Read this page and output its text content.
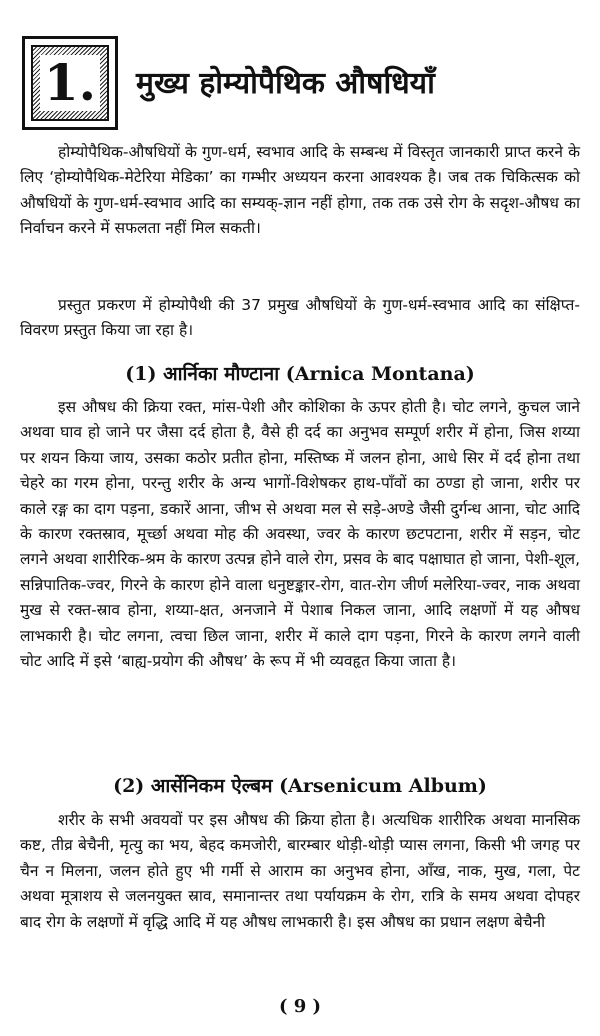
1. मुख्य होम्योपैथिक औषधियाँ

होम्योपैथिक-औषधियों के गुण-धर्म, स्वभाव आदि के सम्बन्ध में विस्तृत जानकारी प्राप्त करने के लिए ‘होम्योपैथिक-मेटेरिया मेडिका’ का गम्भीर अध्ययन करना आवश्यक है। जब तक चिकित्सक को औषधियों के गुण-धर्म-स्वभाव आदि का सम्यक्-ज्ञान नहीं होगा, तक तक उसे रोग के सदृश-औषध का निर्वाचन करने में सफलता नहीं मिल सकती।

प्रस्तुत प्रकरण में होम्योपैथी की 37 प्रमुख औषधियों के गुण-धर्म-स्वभाव आदि का संक्षिप्त-विवरण प्रस्तुत किया जा रहा है।

(1) आर्निका मौण्टाना (Arnica Montana)

इस औषध की क्रिया रक्त, मांस-पेशी और कोशिका के ऊपर होती है। चोट लगने, कुचल जाने अथवा घाव हो जाने पर जैसा दर्द होता है, वैसे ही दर्द का अनुभव सम्पूर्ण शरीर में होना, जिस शय्या पर शयन किया जाय, उसका कठोर प्रतीत होना, मस्तिष्क में जलन होना, आधे सिर में दर्द होना तथा चेहरे का गरम होना, परन्तु शरीर के अन्य भागों-विशेषकर हाथ-पाँवों का ठण्डा हो जाना, शरीर पर काले रङ्ग का दाग पड़ना, डकारें आना, जीभ से अथवा मल से सड़े-अण्डे जैसी दुर्गन्ध आना, चोट आदि के कारण रक्तस्राव, मूर्च्छा अथवा मोह की अवस्था, ज्वर के कारण छटपटाना, शरीर में सड़न, चोट लगने अथवा शारीरिक-श्रम के कारण उत्पन्न होने वाले रोग, प्रसव के बाद पक्षाघात हो जाना, पेशी-शूल, सन्निपातिक-ज्वर, गिरने के कारण होने वाला धनुष्टङ्कार-रोग, वात-रोग जीर्ण मलेरिया-ज्वर, नाक अथवा मुख से रक्त-स्राव होना, शय्या-क्षत, अनजाने में पेशाब निकल जाना, आदि लक्षणों में यह औषध लाभकारी है। चोट लगना, त्वचा छिल जाना, शरीर में काले दाग पड़ना, गिरने के कारण लगने वाली चोट आदि में इसे ‘बाह्य-प्रयोग की औषध’ के रूप में भी व्यवहृत किया जाता है।

(2) आर्सेनिकम ऐल्बम (Arsenicum Album)

शरीर के सभी अवयवों पर इस औषध की क्रिया होता है। अत्यधिक शारीरिक अथवा मानसिक कष्ट, तीव्र बेचैनी, मृत्यु का भय, बेहद कमजोरी, बारम्बार थोड़ी-थोड़ी प्यास लगना, किसी भी जगह पर चैन न मिलना, जलन होते हुए भी गर्मी से आराम का अनुभव होना, आँख, नाक, मुख, गला, पेट अथवा मूत्राशय से जलनयुक्त स्राव, समानान्तर तथा पर्यायक्रम के रोग, रात्रि के समय अथवा दोपहर बाद रोग के लक्षणों में वृद्धि आदि में यह औषध लाभकारी है। इस औषध का प्रधान लक्षण बेचैनी

( 9 )
